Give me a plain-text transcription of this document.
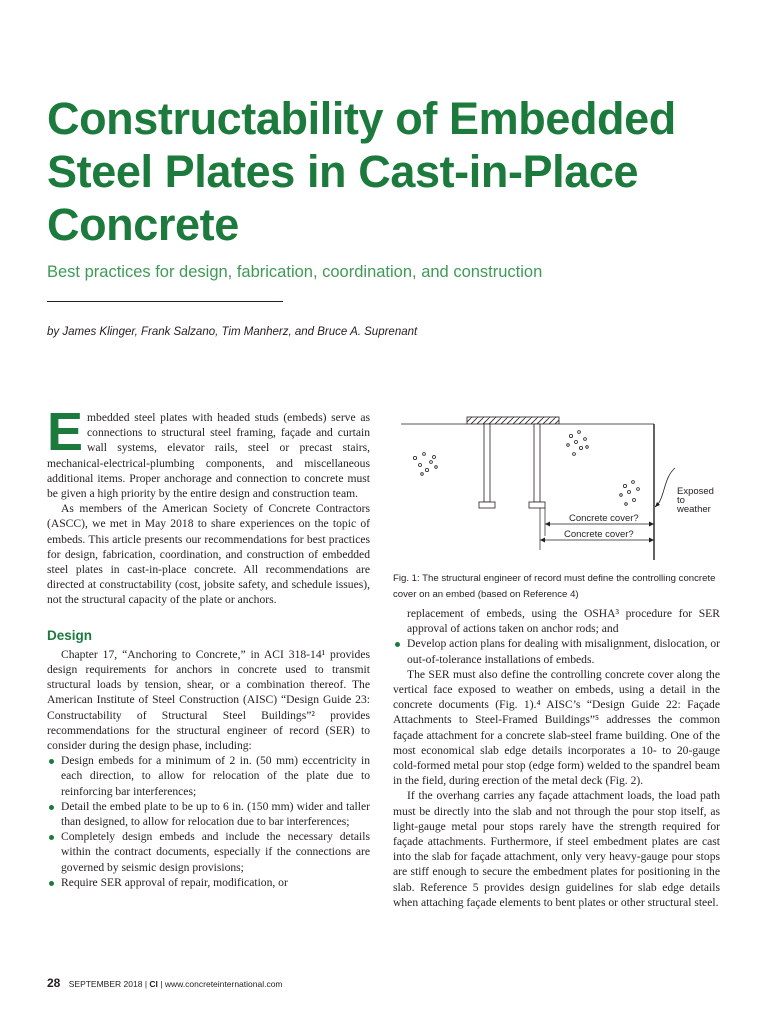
Constructability of Embedded Steel Plates in Cast-in-Place Concrete
Best practices for design, fabrication, coordination, and construction
by James Klinger, Frank Salzano, Tim Manherz, and Bruce A. Suprenant

Embedded steel plates with headed studs (embeds) serve as connections to structural steel framing, façade and curtain wall systems, elevator rails, steel or precast stairs, mechanical-electrical-plumbing components, and miscellaneous additional items. Proper anchorage and connection to concrete must be given a high priority by the entire design and construction team.

As members of the American Society of Concrete Contractors (ASCC), we met in May 2018 to share experiences on the topic of embeds. This article presents our recommendations for best practices for design, fabrication, coordination, and construction of embedded steel plates in cast-in-place concrete. All recommendations are directed at constructability (cost, jobsite safety, and schedule issues), not the structural capacity of the plate or anchors.

Design

Chapter 17, “Anchoring to Concrete,” in ACI 318-14¹ provides design requirements for anchors in concrete used to transmit structural loads by tension, shear, or a combination thereof. The American Institute of Steel Construction (AISC) “Design Guide 23: Constructability of Structural Steel Buildings”² provides recommendations for the structural engineer of record (SER) to consider during the design phase, including:

Design embeds for a minimum of 2 in. (50 mm) eccentricity in each direction, to allow for relocation of the plate due to reinforcing bar interferences;
Detail the embed plate to be up to 6 in. (150 mm) wider and taller than designed, to allow for relocation due to bar interferences;
Completely design embeds and include the necessary details within the contract documents, especially if the connections are governed by seismic design provisions;
Require SER approval of repair, modification, or
Exposed
to
weather
Concrete cover?
Concrete cover?
Fig. 1: The structural engineer of record must define the controlling concrete cover on an embed (based on Reference 4)

replacement of embeds, using the OSHA³ procedure for SER approval of actions taken on anchor rods; and

Develop action plans for dealing with misalignment, dislocation, or out-of-tolerance installations of embeds.

The SER must also define the controlling concrete cover along the vertical face exposed to weather on embeds, using a detail in the concrete documents (Fig. 1).⁴ AISC’s “Design Guide 22: Façade Attachments to Steel-Framed Buildings”⁵ addresses the common façade attachment for a concrete slab-steel frame building. One of the most economical slab edge details incorporates a 10- to 20-gauge cold-formed metal pour stop (edge form) welded to the spandrel beam in the field, during erection of the metal deck (Fig. 2).

If the overhang carries any façade attachment loads, the load path must be directly into the slab and not through the pour stop itself, as light-gauge metal pour stops rarely have the strength required for façade attachments. Furthermore, if steel embedment plates are cast into the slab for façade attachment, only very heavy-gauge pour stops are stiff enough to secure the embedment plates for positioning in the slab. Reference 5 provides design guidelines for slab edge details when attaching façade elements to bent plates or other structural steel.

28 SEPTEMBER 2018 | CI | www.concreteinternational.com
